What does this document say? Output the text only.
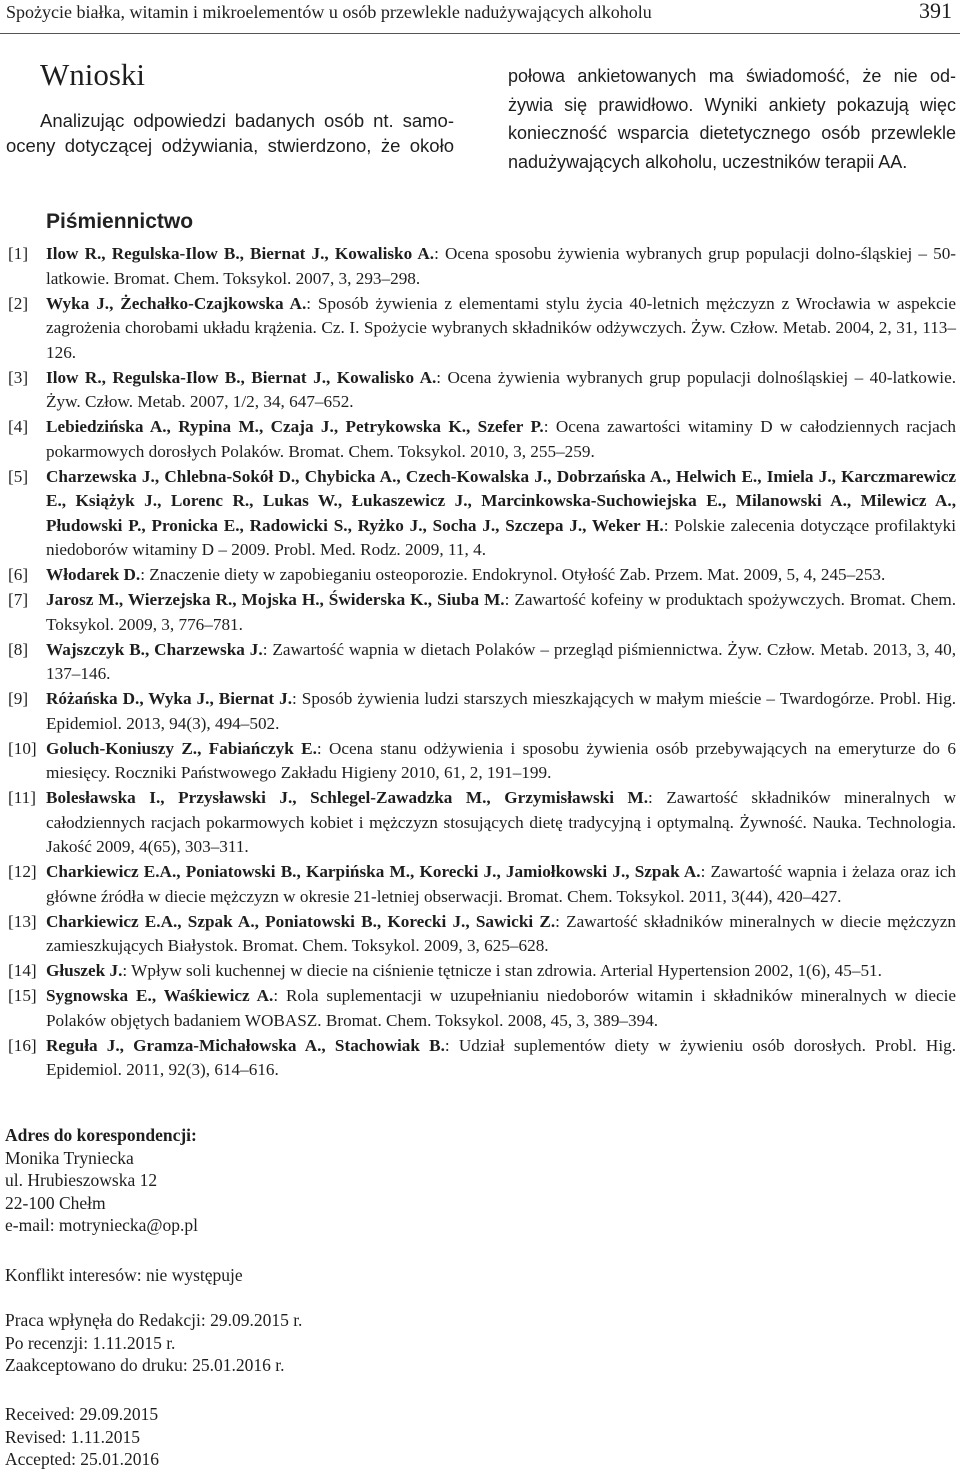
Spożycie białka, witamin i mikroelementów u osób przewlekle nadużywających alkoholu	391
Wnioski
Analizując odpowiedzi badanych osób nt. samo-
oceny dotyczącej odżywiania, stwierdzono, że około
połowa ankietowanych ma świadomość, że nie od-
żywia się prawidłowo. Wyniki ankiety pokazują więc
konieczność wsparcia dietetycznego osób przewlekle
nadużywających alkoholu, uczestników terapii AA.
Piśmiennictwo
[1] Ilow R., Regulska-Ilow B., Biernat J., Kowalisko A.: Ocena sposobu żywienia wybranych grup populacji dolno-śląskiej – 50-latkowie. Bromat. Chem. Toksykol. 2007, 3, 293–298.
[2] Wyka J., Żechałko-Czajkowska A.: Sposób żywienia z elementami stylu życia 40-letnich mężczyzn z Wrocławia w aspekcie zagrożenia chorobami układu krążenia. Cz. I. Spożycie wybranych składników odżywczych. Żyw. Człow. Metab. 2004, 2, 31, 113–126.
[3] Ilow R., Regulska-Ilow B., Biernat J., Kowalisko A.: Ocena żywienia wybranych grup populacji dolnośląskiej – 40-latkowie. Żyw. Człow. Metab. 2007, 1/2, 34, 647–652.
[4] Lebiedzińska A., Rypina M., Czaja J., Petrykowska K., Szefer P.: Ocena zawartości witaminy D w całodziennych racjach pokarmowych dorosłych Polaków. Bromat. Chem. Toksykol. 2010, 3, 255–259.
[5] Charzewska J., Chlebna-Sokół D., Chybicka A., Czech-Kowalska J., Dobrzańska A., Helwich E., Imiela J., Karczmarewicz E., Książyk J., Lorenc R., Lukas W., Łukaszewicz J., Marcinkowska-Suchowiejska E., Milanowski A., Milewicz A., Płudowski P., Pronicka E., Radowicki S., Ryżko J., Socha J., Szczepa J., Weker H.: Polskie zalecenia dotyczące profilaktyki niedoborów witaminy D – 2009. Probl. Med. Rodz. 2009, 11, 4.
[6] Włodarek D.: Znaczenie diety w zapobieganiu osteoporozie. Endokrynol. Otyłość Zab. Przem. Mat. 2009, 5, 4, 245–253.
[7] Jarosz M., Wierzejska R., Mojska H., Świderska K., Siuba M.: Zawartość kofeiny w produktach spożywczych. Bromat. Chem. Toksykol. 2009, 3, 776–781.
[8] Wajszczyk B., Charzewska J.: Zawartość wapnia w dietach Polaków – przegląd piśmiennictwa. Żyw. Człow. Metab. 2013, 3, 40, 137–146.
[9] Różańska D., Wyka J., Biernat J.: Sposób żywienia ludzi starszych mieszkających w małym mieście – Twardogórze. Probl. Hig. Epidemiol. 2013, 94(3), 494–502.
[10] Goluch-Koniuszy Z., Fabiańczyk E.: Ocena stanu odżywienia i sposobu żywienia osób przebywających na emeryturze do 6 miesięcy. Roczniki Państwowego Zakładu Higieny 2010, 61, 2, 191–199.
[11] Bolesławska I., Przysławski J., Schlegel-Zawadzka M., Grzymisławski M.: Zawartość składników mineralnych w całodziennych racjach pokarmowych kobiet i mężczyzn stosujących dietę tradycyjną i optymalną. Żywność. Nauka. Technologia. Jakość 2009, 4(65), 303–311.
[12] Charkiewicz E.A., Poniatowski B., Karpińska M., Korecki J., Jamiołkowski J., Szpak A.: Zawartość wapnia i żelaza oraz ich główne źródła w diecie mężczyzn w okresie 21-letniej obserwacji. Bromat. Chem. Toksykol. 2011, 3(44), 420–427.
[13] Charkiewicz E.A., Szpak A., Poniatowski B., Korecki J., Sawicki Z.: Zawartość składników mineralnych w diecie mężczyzn zamieszkujących Białystok. Bromat. Chem. Toksykol. 2009, 3, 625–628.
[14] Głuszek J.: Wpływ soli kuchennej w diecie na ciśnienie tętnicze i stan zdrowia. Arterial Hypertension 2002, 1(6), 45–51.
[15] Sygnowska E., Waśkiewicz A.: Rola suplementacji w uzupełnianiu niedoborów witamin i składników mineralnych w diecie Polaków objętych badaniem WOBASZ. Bromat. Chem. Toksykol. 2008, 45, 3, 389–394.
[16] Reguła J., Gramza-Michałowska A., Stachowiak B.: Udział suplementów diety w żywieniu osób dorosłych. Probl. Hig. Epidemiol. 2011, 92(3), 614–616.
Adres do korespondencji:
Monika Tryniecka
ul. Hrubieszowska 12
22-100 Chełm
e-mail: motryniecka@op.pl
Konflikt interesów: nie występuje
Praca wpłynęła do Redakcji: 29.09.2015 r.
Po recenzji: 1.11.2015 r.
Zaakceptowano do druku: 25.01.2016 r.
Received: 29.09.2015
Revised: 1.11.2015
Accepted: 25.01.2016
